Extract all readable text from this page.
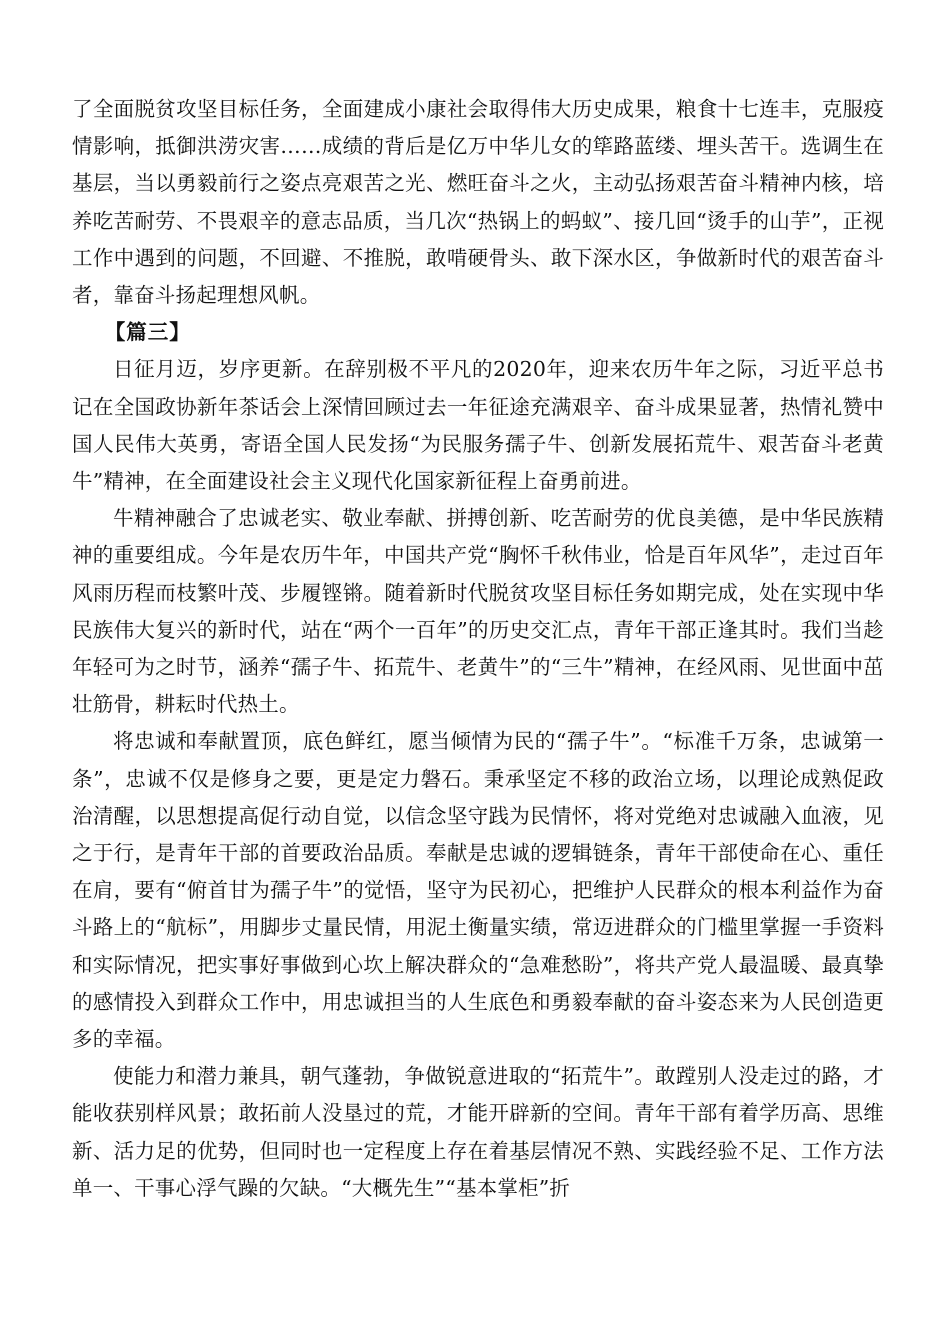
了全面脱贫攻坚目标任务，全面建成小康社会取得伟大历史成果，粮食十七连丰，克服疫情影响，抵御洪涝灾害……成绩的背后是亿万中华儿女的筚路蓝缕、埋头苦干。选调生在基层，当以勇毅前行之姿点亮艰苦之光、燃旺奋斗之火，主动弘扬艰苦奋斗精神内核，培养吃苦耐劳、不畏艰辛的意志品质，当几次“热锅上的蚂蚁”、接几回“烫手的山芋”，正视工作中遇到的问题，不回避、不推脱，敢啃硬骨头、敢下深水区，争做新时代的艰苦奋斗者，靠奋斗扬起理想风帆。

【篇三】

日征月迈，岁序更新。在辞别极不平凡的2020年，迎来农历牛年之际，习近平总书记在全国政协新年茶话会上深情回顾过去一年征途充满艰辛、奋斗成果显著，热情礼赞中国人民伟大英勇，寄语全国人民发扬“为民服务孺子牛、创新发展拓荒牛、艰苦奋斗老黄牛”精神，在全面建设社会主义现代化国家新征程上奋勇前进。

牛精神融合了忠诚老实、敬业奉献、拼搏创新、吃苦耐劳的优良美德，是中华民族精神的重要组成。今年是农历牛年，中国共产党“胸怀千秋伟业，恰是百年风华”，走过百年风雨历程而枝繁叶茂、步履铿锵。随着新时代脱贫攻坚目标任务如期完成，处在实现中华民族伟大复兴的新时代，站在“两个一百年”的历史交汇点，青年干部正逢其时。我们当趁年轻可为之时节，涵养“孺子牛、拓荒牛、老黄牛”的“三牛”精神，在经风雨、见世面中茁壮筋骨，耕耘时代热土。

将忠诚和奉献置顶，底色鲜红，愿当倾情为民的“孺子牛”。“标准千万条，忠诚第一条”，忠诚不仅是修身之要，更是定力磐石。秉承坚定不移的政治立场，以理论成熟促政治清醒，以思想提高促行动自觉，以信念坚守践为民情怀，将对党绝对忠诚融入血液，见之于行，是青年干部的首要政治品质。奉献是忠诚的逻辑链条，青年干部使命在心、重任在肩，要有“俯首甘为孺子牛”的觉悟，坚守为民初心，把维护人民群众的根本利益作为奋斗路上的“航标”，用脚步丈量民情，用泥土衡量实绩，常迈进群众的门槛里掌握一手资料和实际情况，把实事好事做到心坎上解决群众的“急难愁盼”，将共产党人最温暖、最真挚的感情投入到群众工作中，用忠诚担当的人生底色和勇毅奉献的奋斗姿态来为人民创造更多的幸福。

使能力和潜力兼具，朝气蓬勃，争做锐意进取的“拓荒牛”。敢蹚别人没走过的路，才能收获别样风景；敢拓前人没垦过的荒，才能开辟新的空间。青年干部有着学历高、思维新、活力足的优势，但同时也一定程度上存在着基层情况不熟、实践经验不足、工作方法单一、干事心浮气躁的欠缺。“大概先生”“基本掌柜”折
